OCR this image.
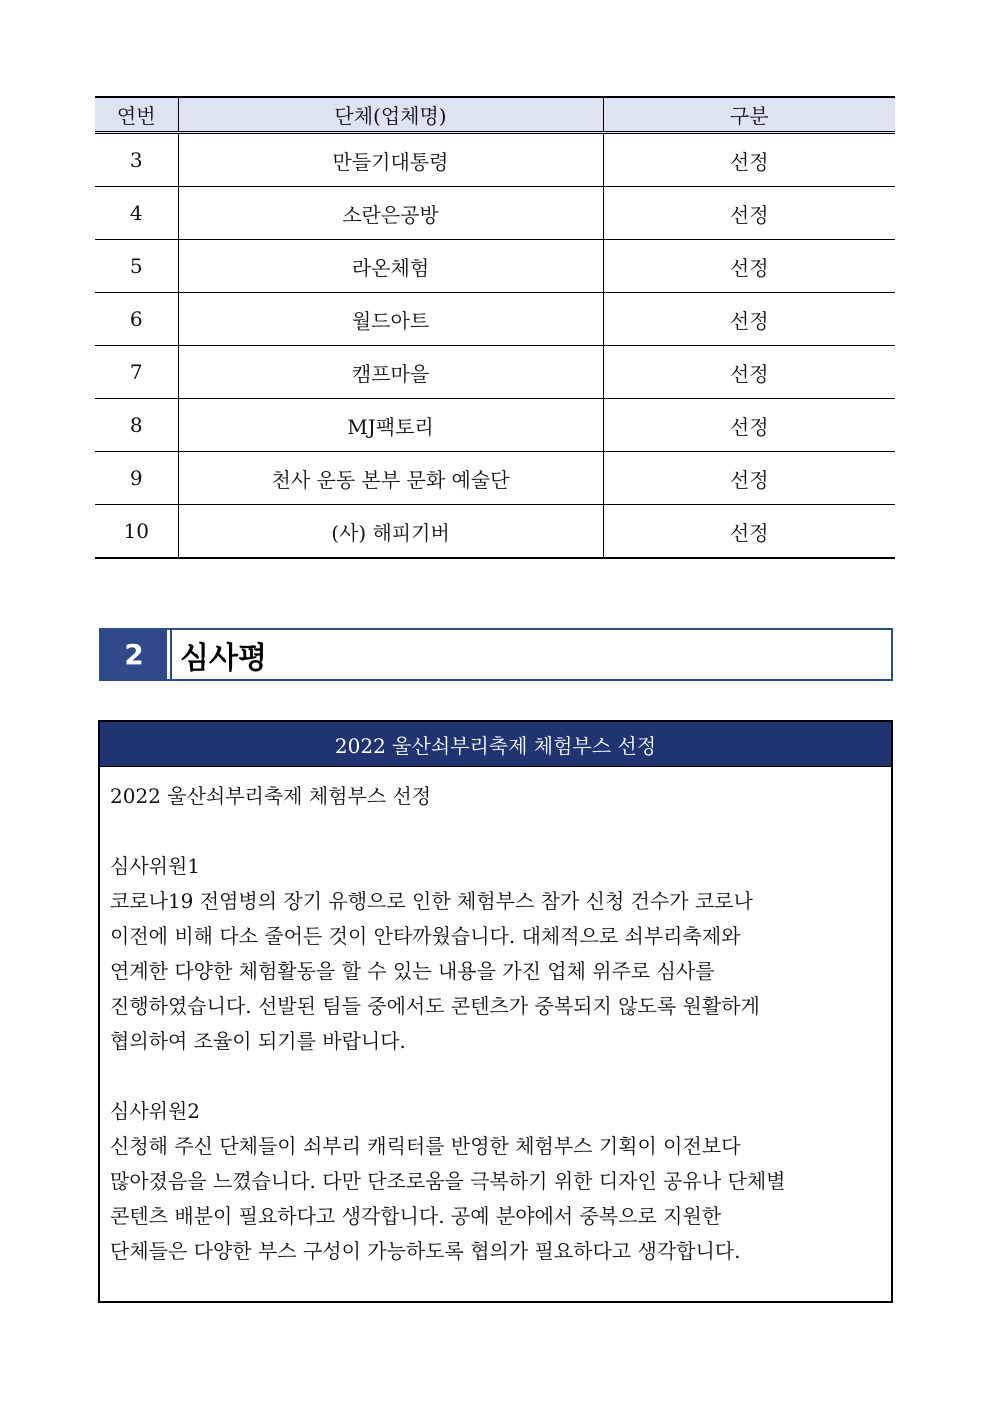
연번	단체(업체명)	구분
3	만들기대통령	선정
4	소란은공방	선정
5	라온체험	선정
6	월드아트	선정
7	캠프마을	선정
8	MJ팩토리	선정
9	천사 운동 본부 문화 예술단	선정
10	(사) 해피기버	선정
2	심사평
2022 울산쇠부리축제 체험부스 선정

2022 울산쇠부리축제 체험부스 선정

심사위원1

코로나19 전염병의 장기 유행으로 인한 체험부스 참가 신청 건수가 코로나

이전에 비해 다소 줄어든 것이 안타까웠습니다. 대체적으로 쇠부리축제와

연계한 다양한 체험활동을 할 수 있는 내용을 가진 업체 위주로 심사를

진행하였습니다. 선발된 팀들 중에서도 콘텐츠가 중복되지 않도록 원활하게

협의하여 조율이 되기를 바랍니다.

심사위원2

신청해 주신 단체들이 쇠부리 캐릭터를 반영한 체험부스 기획이 이전보다

많아졌음을 느꼈습니다. 다만 단조로움을 극복하기 위한 디자인 공유나 단체별

콘텐츠 배분이 필요하다고 생각합니다. 공예 분야에서 중복으로 지원한

단체들은 다양한 부스 구성이 가능하도록 협의가 필요하다고 생각합니다.
